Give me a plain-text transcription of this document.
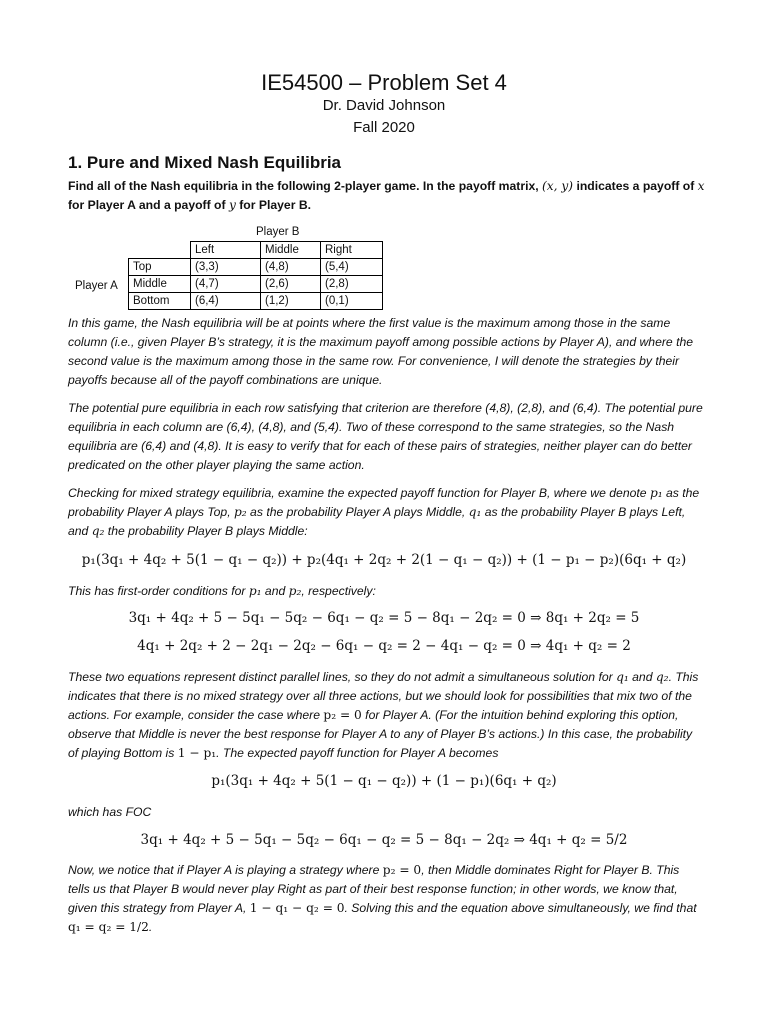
IE54500 – Problem Set 4
Dr. David Johnson
Fall 2020
1. Pure and Mixed Nash Equilibria
Find all of the Nash equilibria in the following 2-player game. In the payoff matrix, (x, y) indicates a payoff of x for Player A and a payoff of y for Player B.
Player B
Player A
	Left	Middle	Right
Top	(3,3)	(4,8)	(5,4)
Middle	(4,7)	(2,6)	(2,8)
Bottom	(6,4)	(1,2)	(0,1)
In this game, the Nash equilibria will be at points where the first value is the maximum among those in the same column (i.e., given Player B’s strategy, it is the maximum payoff among possible actions by Player A), and where the second value is the maximum among those in the same row. For convenience, I will denote the strategies by their payoffs because all of the payoff combinations are unique.
The potential pure equilibria in each row satisfying that criterion are therefore (4,8), (2,8), and (6,4). The potential pure equilibria in each column are (6,4), (4,8), and (5,4). Two of these correspond to the same strategies, so the Nash equilibria are (6,4) and (4,8). It is easy to verify that for each of these pairs of strategies, neither player can do better predicated on the other player playing the same action.
Checking for mixed strategy equilibria, examine the expected payoff function for Player B, where we denote p₁ as the probability Player A plays Top, p₂ as the probability Player A plays Middle, q₁ as the probability Player B plays Left, and q₂ the probability Player B plays Middle:
p₁(3q₁ + 4q₂ + 5(1 − q₁ − q₂)) + p₂(4q₁ + 2q₂ + 2(1 − q₁ − q₂)) + (1 − p₁ − p₂)(6q₁ + q₂)
This has first-order conditions for p₁ and p₂, respectively:
3q₁ + 4q₂ + 5 − 5q₁ − 5q₂ − 6q₁ − q₂ = 5 − 8q₁ − 2q₂ = 0 ⇒ 8q₁ + 2q₂ = 5
4q₁ + 2q₂ + 2 − 2q₁ − 2q₂ − 6q₁ − q₂ = 2 − 4q₁ − q₂ = 0 ⇒ 4q₁ + q₂ = 2
These two equations represent distinct parallel lines, so they do not admit a simultaneous solution for q₁ and q₂. This indicates that there is no mixed strategy over all three actions, but we should look for possibilities that mix two of the actions. For example, consider the case where p₂ = 0 for Player A. (For the intuition behind exploring this option, observe that Middle is never the best response for Player A to any of Player B’s actions.) In this case, the probability of playing Bottom is 1 − p₁. The expected payoff function for Player A becomes
p₁(3q₁ + 4q₂ + 5(1 − q₁ − q₂)) + (1 − p₁)(6q₁ + q₂)
which has FOC
3q₁ + 4q₂ + 5 − 5q₁ − 5q₂ − 6q₁ − q₂ = 5 − 8q₁ − 2q₂ ⇒ 4q₁ + q₂ = 5/2
Now, we notice that if Player A is playing a strategy where p₂ = 0, then Middle dominates Right for Player B. This tells us that Player B would never play Right as part of their best response function; in other words, we know that, given this strategy from Player A, 1 − q₁ − q₂ = 0. Solving this and the equation above simultaneously, we find that q₁ = q₂ = 1/2.
